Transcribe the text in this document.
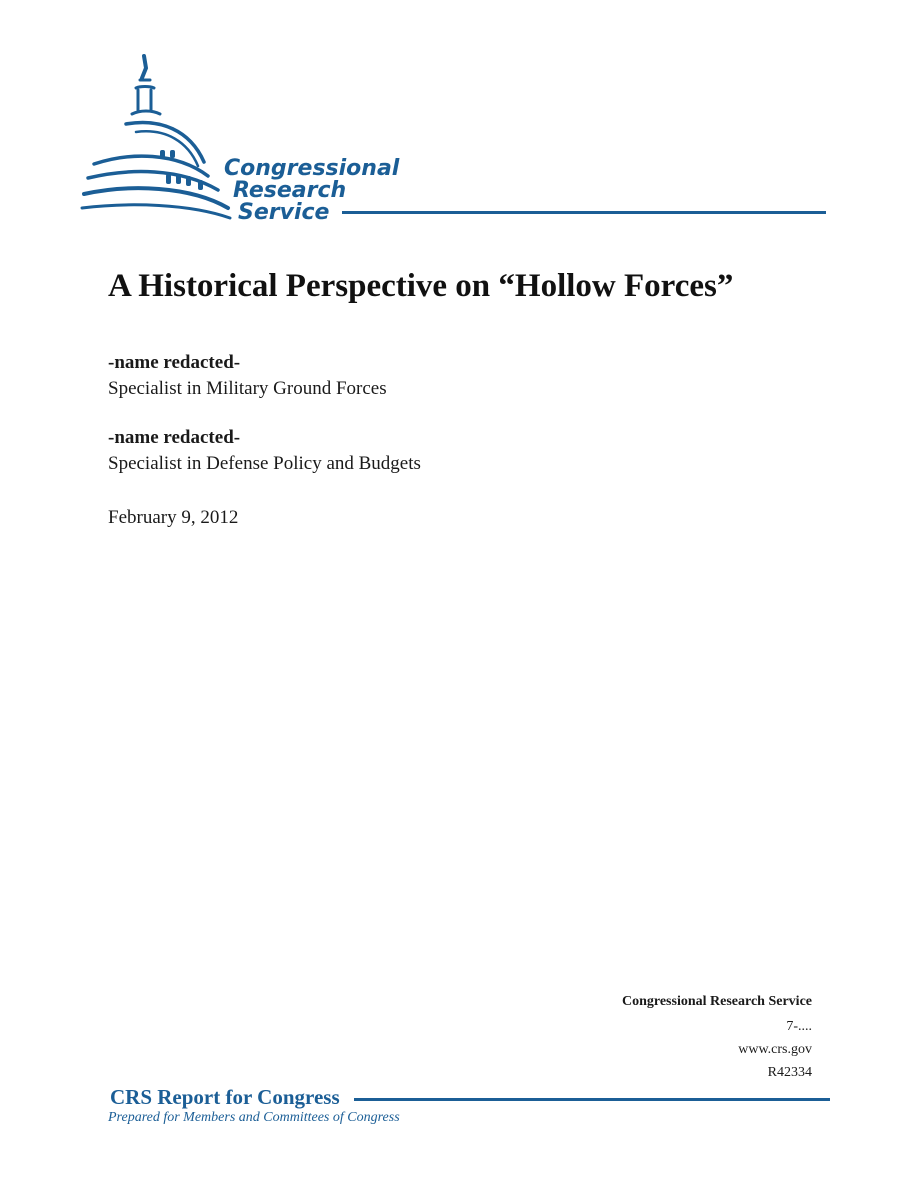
Congressional
Research
Service
A Historical Perspective on “Hollow Forces”
-name redacted-
Specialist in Military Ground Forces
-name redacted-
Specialist in Defense Policy and Budgets
February 9, 2012
Congressional Research Service
7-....
www.crs.gov
R42334
CRS Report for Congress
Prepared for Members and Committees of Congress
